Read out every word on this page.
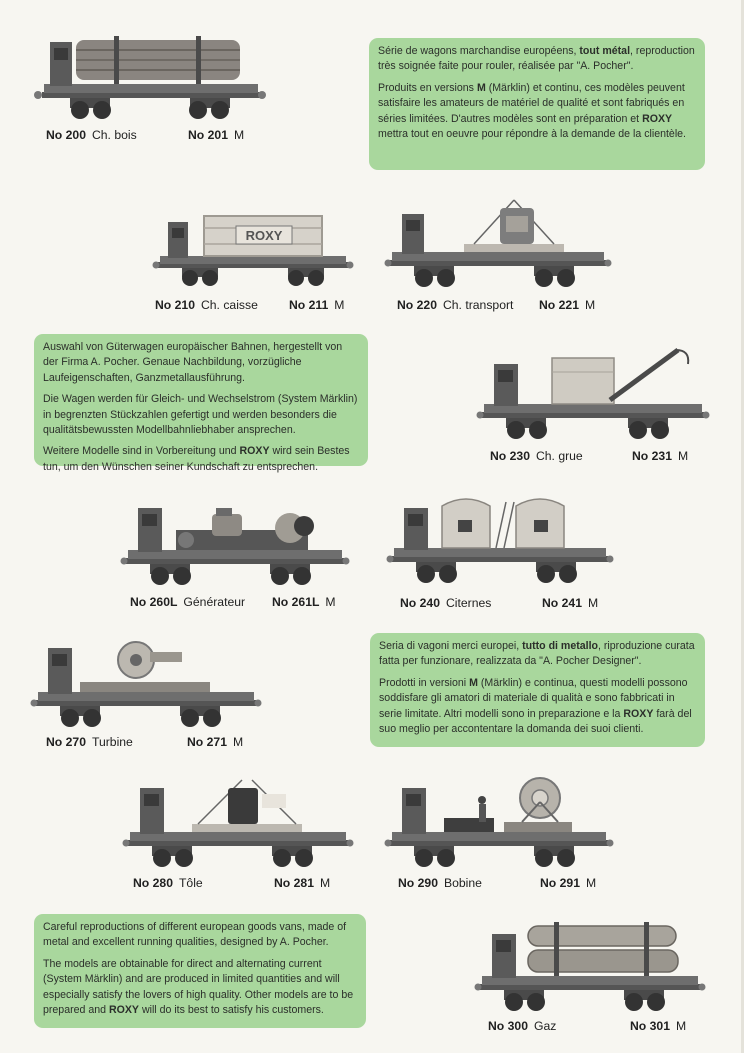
No 200 Ch. bois	No 201 M

Série de wagons marchandise européens, tout métal, reproduction très soignée faite pour rouler, réalisée par "A. Pocher".

Produits en versions M (Märklin) et continu, ces modèles peuvent satisfaire les amateurs de matériel de qualité et sont fabriqués en séries limitées. D'autres modèles sont en préparation et ROXY mettra tout en oeuvre pour répondre à la demande de la clientèle.

ROXY
No 210 Ch. caisse	No 211 M	No 220 Ch. transport No 221 M

Auswahl von Güterwagen europäischer Bahnen, hergestellt von der Firma A. Pocher. Genaue Nachbildung, vorzügliche Laufeigenschaften, Ganzmetallausführung.

Die Wagen werden für Gleich- und Wechselstrom (System Märklin) in begrenzten Stückzahlen gefertigt und werden besonders die qualitätsbewussten Modellbahnliebhaber ansprechen.

Weitere Modelle sind in Vorbereitung und ROXY wird sein Bestes tun, um den Wünschen seiner Kundschaft zu entsprechen.

No 230 Ch. grue	No 231 M
No 260L Générateur No 261L M	No 240 Citernes	No 241 M
No 270 Turbine	No 271 M

Seria di vagoni merci europei, tutto di metallo, riproduzione curata fatta per funzionare, realizzata da "A. Pocher Designer".

Prodotti in versioni M (Märklin) e continua, questi modelli possono soddisfare gli amatori di materiale di qualità e sono fabbricati in serie limitate. Altri modelli sono in preparazione e la ROXY farà del suo meglio per accontentare la domanda dei suoi clienti.

No 280 Tôle	No 281 M	No 290 Bobine	No 291 M

Careful reproductions of different european goods vans, made of metal and excellent running qualities, designed by A. Pocher.

The models are obtainable for direct and alternating current (System Märklin) and are produced in limited quantities and will especially satisfy the lovers of high quality. Other models are to be prepared and ROXY will do its best to satisfy his customers.

No 300 Gaz	No 301 M
